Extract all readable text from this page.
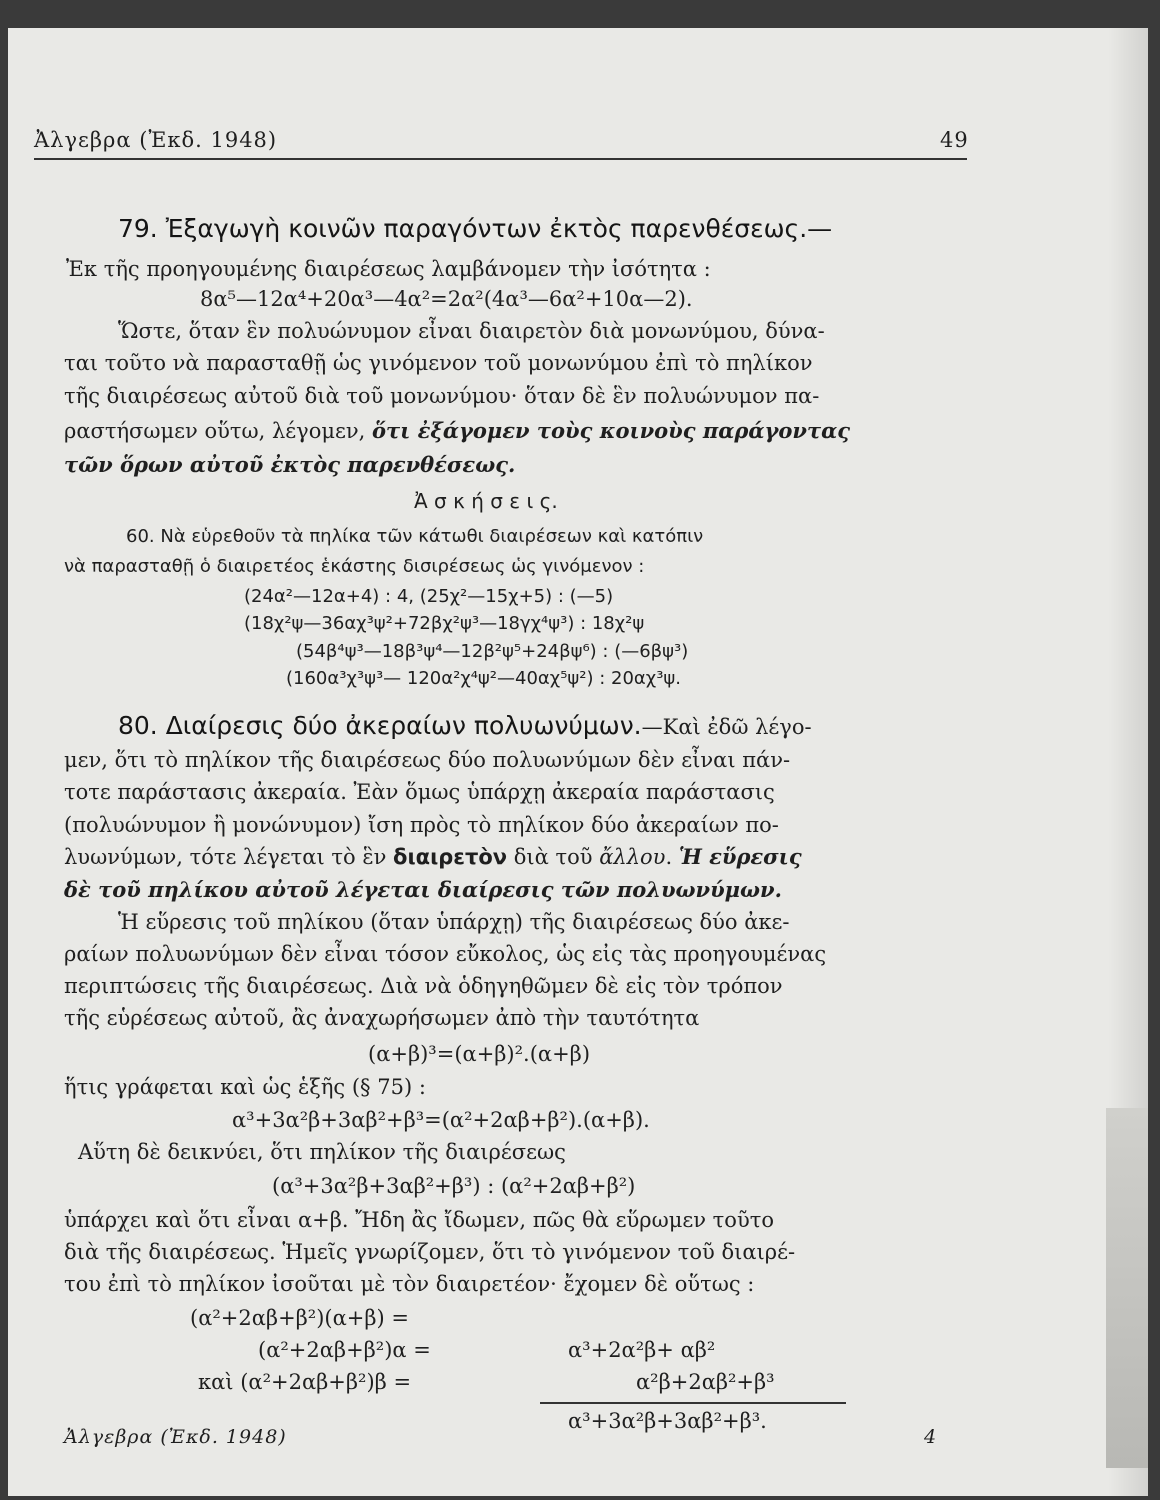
Ἀλγεβρα (Ἐκδ. 1948)	49
79. Ἐξαγωγὴ κοινῶν παραγόντων ἐκτὸς παρενθέσεως.—
Ἐκ τῆς προηγουμένης διαιρέσεως λαμβάνομεν τὴν ἰσότητα :
8α⁵—12α⁴+20α³—4α²=2α²(4α³—6α²+10α—2).
Ὥστε, ὅταν ἓν πολυώνυμον εἶναι διαιρετὸν διὰ μονωνύμου, δύνα-
ται τοῦτο νὰ παρασταθῇ ὡς γινόμενον τοῦ μονωνύμου ἐπὶ τὸ πηλίκον
τῆς διαιρέσεως αὐτοῦ διὰ τοῦ μονωνύμου· ὅταν δὲ ἓν πολυώνυμον πα-
ραστήσωμεν οὕτω, λέγομεν, ὅτι ἐξάγομεν τοὺς κοινοὺς παράγοντας
τῶν ὅρων αὐτοῦ ἐκτὸς παρενθέσεως.
Ἀ σ κ ή σ ε ι ς.
60. Νὰ εὑρεθοῦν τὰ πηλίκα τῶν κάτωθι διαιρέσεων καὶ κατόπιν
νὰ παρασταθῇ ὁ διαιρετέος ἑκάστης δισιρέσεως ὡς γινόμενον :
(24α²—12α+4) : 4, (25χ²—15χ+5) : (—5)
(18χ²ψ—36αχ³ψ²+72βχ²ψ³—18γχ⁴ψ³) : 18χ²ψ
(54β⁴ψ³—18β³ψ⁴—12β²ψ⁵+24βψ⁶) : (—6βψ³)
(160α³χ³ψ³— 120α²χ⁴ψ²—40αχ⁵ψ²) : 20αχ³ψ.
80. Διαίρεσις δύο ἀκεραίων πολυωνύμων.—Καὶ ἐδῶ λέγο-
μεν, ὅτι τὸ πηλίκον τῆς διαιρέσεως δύο πολυωνύμων δὲν εἶναι πάν-
τοτε παράστασις ἀκεραία. Ἐὰν ὅμως ὑπάρχῃ ἀκεραία παράστασις
(πολυώνυμον ἢ μονώνυμον) ἴση πρὸς τὸ πηλίκον δύο ἀκεραίων πο-
λυωνύμων, τότε λέγεται τὸ ἓν διαιρετὸν διὰ τοῦ ἄλλου. Ἡ εὕρεσις
δὲ τοῦ πηλίκου αὐτοῦ λέγεται διαίρεσις τῶν πολυωνύμων.
Ἡ εὕρεσις τοῦ πηλίκου (ὅταν ὑπάρχῃ) τῆς διαιρέσεως δύο ἀκε-
ραίων πολυωνύμων δὲν εἶναι τόσον εὔκολος, ὡς εἰς τὰς προηγουμένας
περιπτώσεις τῆς διαιρέσεως. Διὰ νὰ ὁδηγηθῶμεν δὲ εἰς τὸν τρόπον
τῆς εὑρέσεως αὐτοῦ, ἂς ἀναχωρήσωμεν ἀπὸ τὴν ταυτότητα
(α+β)³=(α+β)².(α+β)
ἥτις γράφεται καὶ ὡς ἑξῆς (§ 75) :
α³+3α²β+3αβ²+β³=(α²+2αβ+β²).(α+β).
Αὕτη δὲ δεικνύει, ὅτι πηλίκον τῆς διαιρέσεως
(α³+3α²β+3αβ²+β³) : (α²+2αβ+β²)
ὑπάρχει καὶ ὅτι εἶναι α+β. Ἤδη ἂς ἴδωμεν, πῶς θὰ εὕρωμεν τοῦτο
διὰ τῆς διαιρέσεως. Ἡμεῖς γνωρίζομεν, ὅτι τὸ γινόμενον τοῦ διαιρέ-
του ἐπὶ τὸ πηλίκον ἰσοῦται μὲ τὸν διαιρετέον· ἔχομεν δὲ οὕτως :
(α²+2αβ+β²)(α+β) =
(α²+2αβ+β²)α =
καὶ (α²+2αβ+β²)β =
α³+2α²β+ αβ²
α²β+2αβ²+β³
α³+3α²β+3αβ²+β³.
Ἀλγεβρα (Ἐκδ. 1948)	4
